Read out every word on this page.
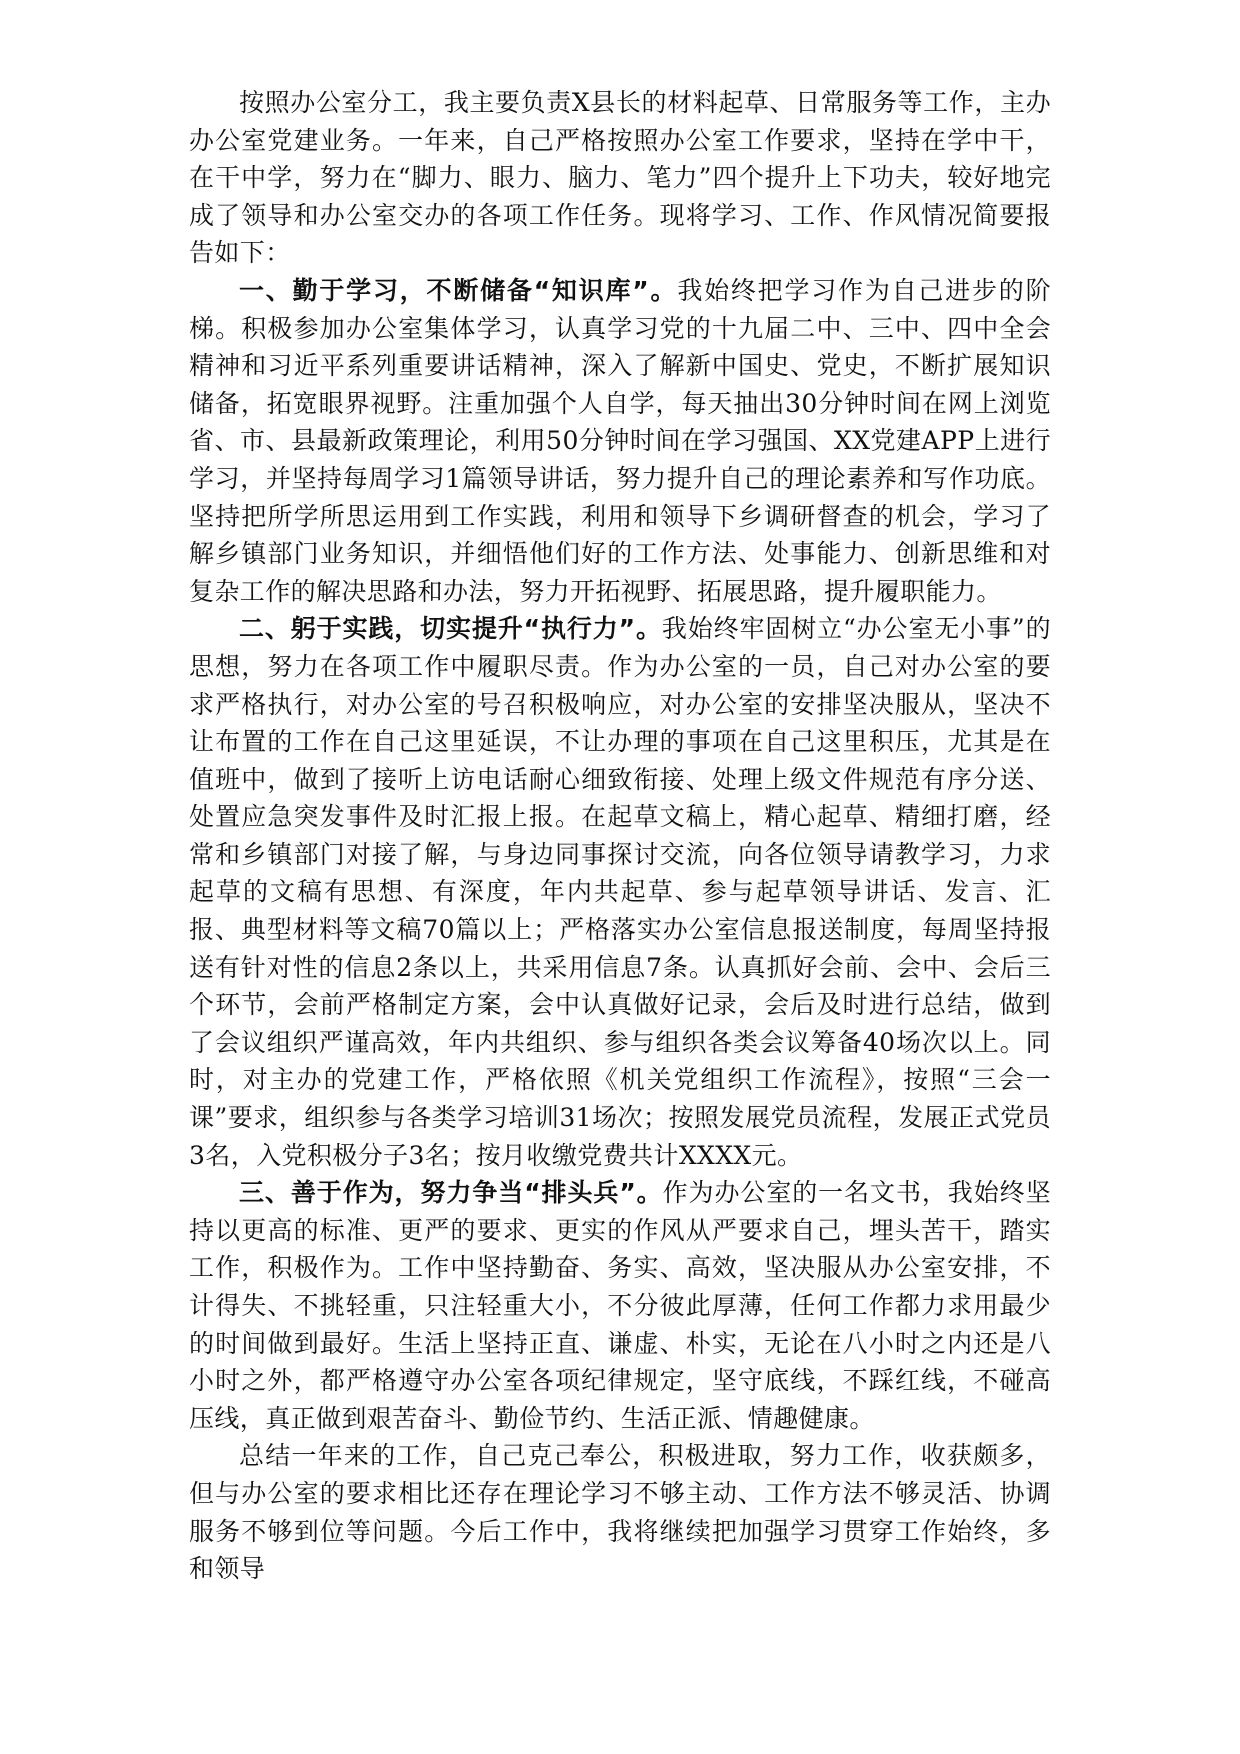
按照办公室分工，我主要负责X县长的材料起草、日常服务等工作，主办办公室党建业务。一年来，自己严格按照办公室工作要求，坚持在学中干，在干中学，努力在“脚力、眼力、脑力、笔力”四个提升上下功夫，较好地完成了领导和办公室交办的各项工作任务。现将学习、工作、作风情况简要报告如下：

一、勤于学习，不断储备“知识库”。我始终把学习作为自己进步的阶梯。积极参加办公室集体学习，认真学习党的十九届二中、三中、四中全会精神和习近平系列重要讲话精神，深入了解新中国史、党史，不断扩展知识储备，拓宽眼界视野。注重加强个人自学，每天抽出30分钟时间在网上浏览省、市、县最新政策理论，利用50分钟时间在学习强国、XX党建APP上进行学习，并坚持每周学习1篇领导讲话，努力提升自己的理论素养和写作功底。坚持把所学所思运用到工作实践，利用和领导下乡调研督查的机会，学习了解乡镇部门业务知识，并细悟他们好的工作方法、处事能力、创新思维和对复杂工作的解决思路和办法，努力开拓视野、拓展思路，提升履职能力。

二、躬于实践，切实提升“执行力”。我始终牢固树立“办公室无小事”的思想，努力在各项工作中履职尽责。作为办公室的一员，自己对办公室的要求严格执行，对办公室的号召积极响应，对办公室的安排坚决服从，坚决不让布置的工作在自己这里延误，不让办理的事项在自己这里积压，尤其是在值班中，做到了接听上访电话耐心细致衔接、处理上级文件规范有序分送、处置应急突发事件及时汇报上报。在起草文稿上，精心起草、精细打磨，经常和乡镇部门对接了解，与身边同事探讨交流，向各位领导请教学习，力求起草的文稿有思想、有深度，年内共起草、参与起草领导讲话、发言、汇报、典型材料等文稿70篇以上；严格落实办公室信息报送制度，每周坚持报送有针对性的信息2条以上，共采用信息7条。认真抓好会前、会中、会后三个环节，会前严格制定方案，会中认真做好记录，会后及时进行总结，做到了会议组织严谨高效，年内共组织、参与组织各类会议筹备40场次以上。同时，对主办的党建工作，严格依照《机关党组织工作流程》，按照“三会一课”要求，组织参与各类学习培训31场次；按照发展党员流程，发展正式党员3名，入党积极分子3名；按月收缴党费共计XXXX元。

三、善于作为，努力争当“排头兵”。作为办公室的一名文书，我始终坚持以更高的标准、更严的要求、更实的作风从严要求自己，埋头苦干，踏实工作，积极作为。工作中坚持勤奋、务实、高效，坚决服从办公室安排，不计得失、不挑轻重，只注轻重大小，不分彼此厚薄，任何工作都力求用最少的时间做到最好。生活上坚持正直、谦虚、朴实，无论在八小时之内还是八小时之外，都严格遵守办公室各项纪律规定，坚守底线，不踩红线，不碰高压线，真正做到艰苦奋斗、勤俭节约、生活正派、情趣健康。

总结一年来的工作，自己克己奉公，积极进取，努力工作，收获颇多，但与办公室的要求相比还存在理论学习不够主动、工作方法不够灵活、协调服务不够到位等问题。今后工作中，我将继续把加强学习贯穿工作始终，多和领导
